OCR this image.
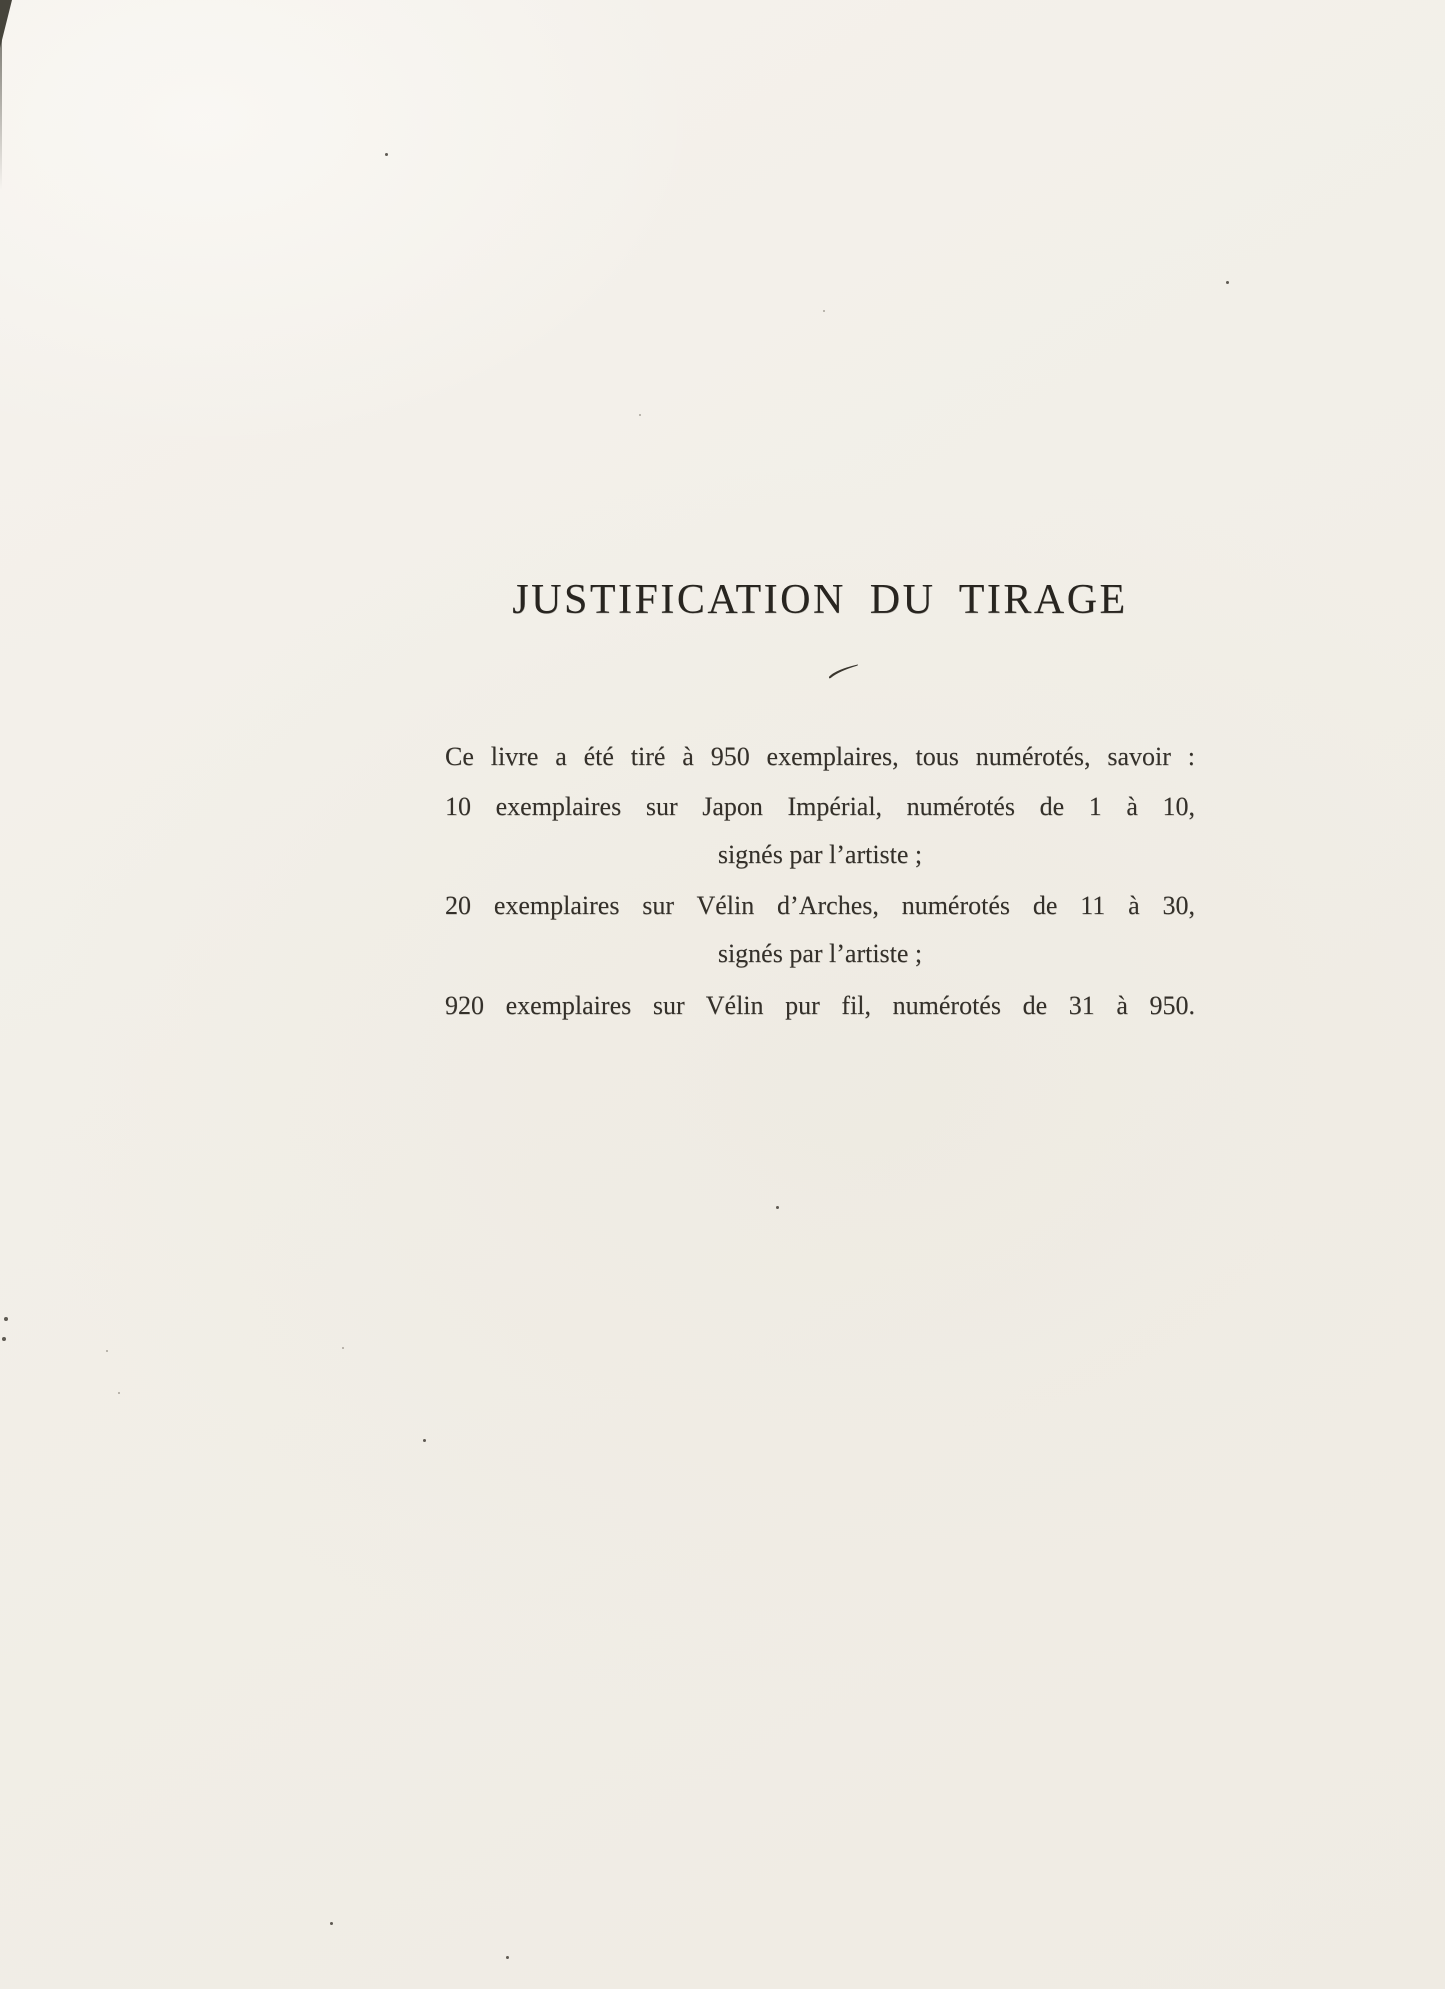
JUSTIFICATION DU TIRAGE

Ce livre a été tiré à 950 exemplaires, tous numérotés, savoir :

10 exemplaires sur Japon Impérial, numérotés de 1 à 10,

signés par l’artiste ;

20 exemplaires sur Vélin d’Arches, numérotés de 11 à 30,

signés par l’artiste ;

920 exemplaires sur Vélin pur fil, numérotés de 31 à 950.
